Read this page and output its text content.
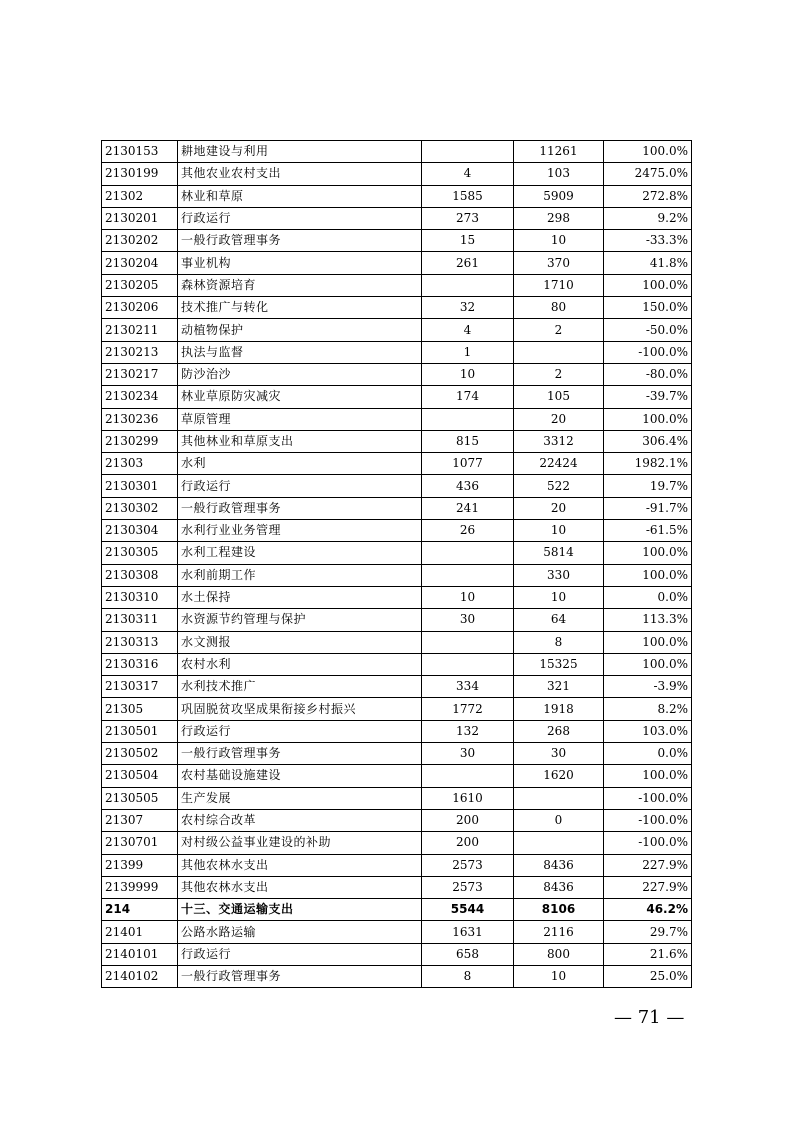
2130153	耕地建设与利用		11261	100.0%
2130199	其他农业农村支出	4	103	2475.0%
21302	林业和草原	1585	5909	272.8%
2130201	行政运行	273	298	9.2%
2130202	一般行政管理事务	15	10	-33.3%
2130204	事业机构	261	370	41.8%
2130205	森林资源培育		1710	100.0%
2130206	技术推广与转化	32	80	150.0%
2130211	动植物保护	4	2	-50.0%
2130213	执法与监督	1		-100.0%
2130217	防沙治沙	10	2	-80.0%
2130234	林业草原防灾减灾	174	105	-39.7%
2130236	草原管理		20	100.0%
2130299	其他林业和草原支出	815	3312	306.4%
21303	水利	1077	22424	1982.1%
2130301	行政运行	436	522	19.7%
2130302	一般行政管理事务	241	20	-91.7%
2130304	水利行业业务管理	26	10	-61.5%
2130305	水利工程建设		5814	100.0%
2130308	水利前期工作		330	100.0%
2130310	水土保持	10	10	0.0%
2130311	水资源节约管理与保护	30	64	113.3%
2130313	水文测报		8	100.0%
2130316	农村水利		15325	100.0%
2130317	水利技术推广	334	321	-3.9%
21305	巩固脱贫攻坚成果衔接乡村振兴	1772	1918	8.2%
2130501	行政运行	132	268	103.0%
2130502	一般行政管理事务	30	30	0.0%
2130504	农村基础设施建设		1620	100.0%
2130505	生产发展	1610		-100.0%
21307	农村综合改革	200	0	-100.0%
2130701	对村级公益事业建设的补助	200		-100.0%
21399	其他农林水支出	2573	8436	227.9%
2139999	其他农林水支出	2573	8436	227.9%
214	十三、交通运输支出	5544	8106	46.2%
21401	公路水路运输	1631	2116	29.7%
2140101	行政运行	658	800	21.6%
2140102	一般行政管理事务	8	10	25.0%
— 71 —
